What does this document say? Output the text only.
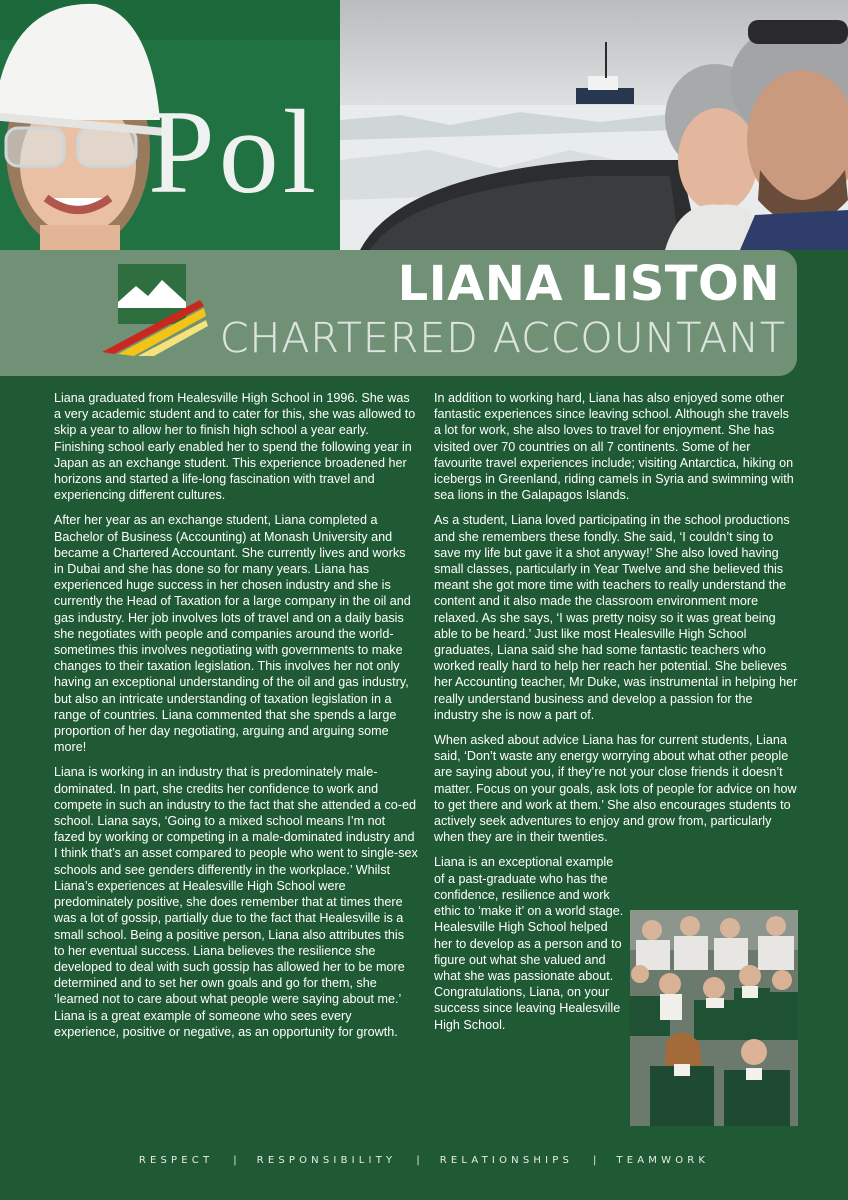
Pol
LIANA LISTON
CHARTERED ACCOUNTANT

Liana graduated from Healesville High School in 1996. She was a very academic student and to cater for this, she was allowed to skip a year to allow her to finish high school a year early. Finishing school early enabled her to spend the following year in Japan as an exchange student. This experience broadened her horizons and started a life-long fascination with travel and experiencing different cultures.

After her year as an exchange student, Liana completed a Bachelor of Business (Accounting) at Monash University and became a Chartered Accountant. She currently lives and works in Dubai and she has done so for many years. Liana has experienced huge success in her chosen industry and she is currently the Head of Taxation for a large company in the oil and gas industry. Her job involves lots of travel and on a daily basis she negotiates with people and companies around the world- sometimes this involves negotiating with governments to make changes to their taxation legislation. This involves her not only having an exceptional understanding of the oil and gas industry, but also an intricate understanding of taxation legislation in a range of countries. Liana commented that she spends a large proportion of her day negotiating, arguing and arguing some more!

Liana is working in an industry that is predominately male-dominated. In part, she credits her confidence to work and compete in such an industry to the fact that she attended a co-ed school. Liana says, ‘Going to a mixed school means I’m not fazed by working or competing in a male-dominated industry and I think that’s an asset compared to people who went to single-sex schools and see genders differently in the workplace.’ Whilst Liana’s experiences at Healesville High School were predominately positive, she does remember that at times there was a lot of gossip, partially due to the fact that Healesville is a small school. Being a positive person, Liana also attributes this to her eventual success. Liana believes the resilience she developed to deal with such gossip has allowed her to be more determined and to set her own goals and go for them, she ‘learned not to care about what people were saying about me.’ Liana is a great example of someone who sees every experience, positive or negative, as an opportunity for growth.

In addition to working hard, Liana has also enjoyed some other fantastic experiences since leaving school. Although she travels a lot for work, she also loves to travel for enjoyment. She has visited over 70 countries on all 7 continents. Some of her favourite travel experiences include; visiting Antarctica, hiking on icebergs in Greenland, riding camels in Syria and swimming with sea lions in the Galapagos Islands.

As a student, Liana loved participating in the school productions and she remembers these fondly. She said, ‘I couldn’t sing to save my life but gave it a shot anyway!’ She also loved having small classes, particularly in Year Twelve and she believed this meant she got more time with teachers to really understand the content and it also made the classroom environment more relaxed. As she says, ‘I was pretty noisy so it was great being able to be heard.’ Just like most Healesville High School graduates, Liana said she had some fantastic teachers who worked really hard to help her reach her potential. She believes her Accounting teacher, Mr Duke, was instrumental in helping her really understand business and develop a passion for the industry she is now a part of.

When asked about advice Liana has for current students, Liana said, ‘Don’t waste any energy worrying about what other people are saying about you, if they’re not your close friends it doesn’t matter. Focus on your goals, ask lots of people for advice on how to get there and work at them.’ She also encourages students to actively seek adventures to enjoy and grow from, particularly when they are in their twenties.

Liana is an exceptional example of a past-graduate who has the confidence, resilience and work ethic to ‘make it’ on a world stage. Healesville High School helped her to develop as a person and to figure out what she valued and what she was passionate about. Congratulations, Liana, on your success since leaving Healesville High School.

RESPECT | RESPONSIBILITY | RELATIONSHIPS | TEAMWORK
